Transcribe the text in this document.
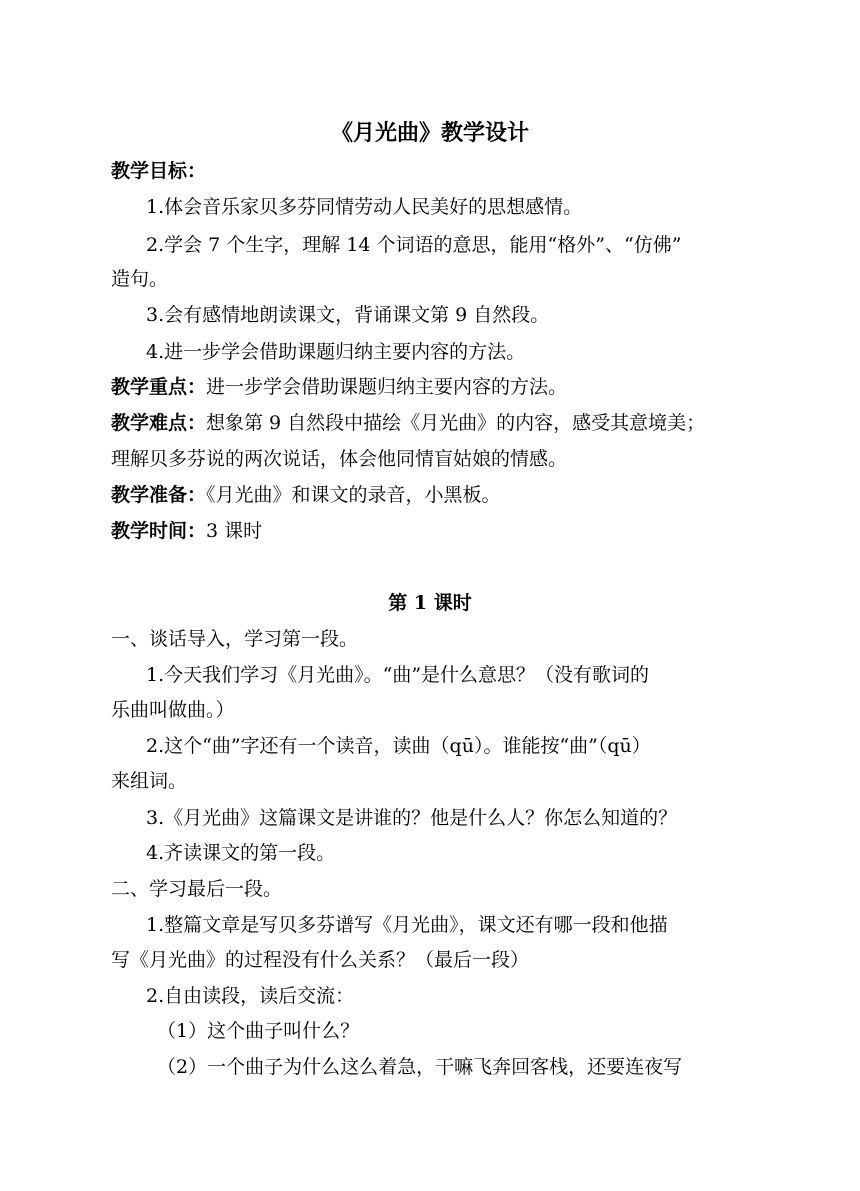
《月光曲》教学设计
教学目标：
1.体会音乐家贝多芬同情劳动人民美好的思想感情。
2.学会 7 个生字，理解 14 个词语的意思，能用“格外”、“仿佛”
造句。
3.会有感情地朗读课文，背诵课文第 9 自然段。
4.进一步学会借助课题归纳主要内容的方法。
教学重点：进一步学会借助课题归纳主要内容的方法。
教学难点：想象第 9 自然段中描绘《月光曲》的内容，感受其意境美；
理解贝多芬说的两次说话，体会他同情盲姑娘的情感。
教学准备：《月光曲》和课文的录音，小黑板。
教学时间：3 课时
第 1 课时
一、谈话导入，学习第一段。
1.今天我们学习《月光曲》。“曲”是什么意思？（没有歌词的
乐曲叫做曲。）
2.这个“曲”字还有一个读音，读曲（qū）。谁能按“曲”（qū）
来组词。
3.《月光曲》这篇课文是讲谁的？他是什么人？你怎么知道的？
4.齐读课文的第一段。
二、学习最后一段。
1.整篇文章是写贝多芬谱写《月光曲》，课文还有哪一段和他描
写《月光曲》的过程没有什么关系？（最后一段）
2.自由读段，读后交流：
（1）这个曲子叫什么？
（2）一个曲子为什么这么着急，干嘛飞奔回客栈，还要连夜写
